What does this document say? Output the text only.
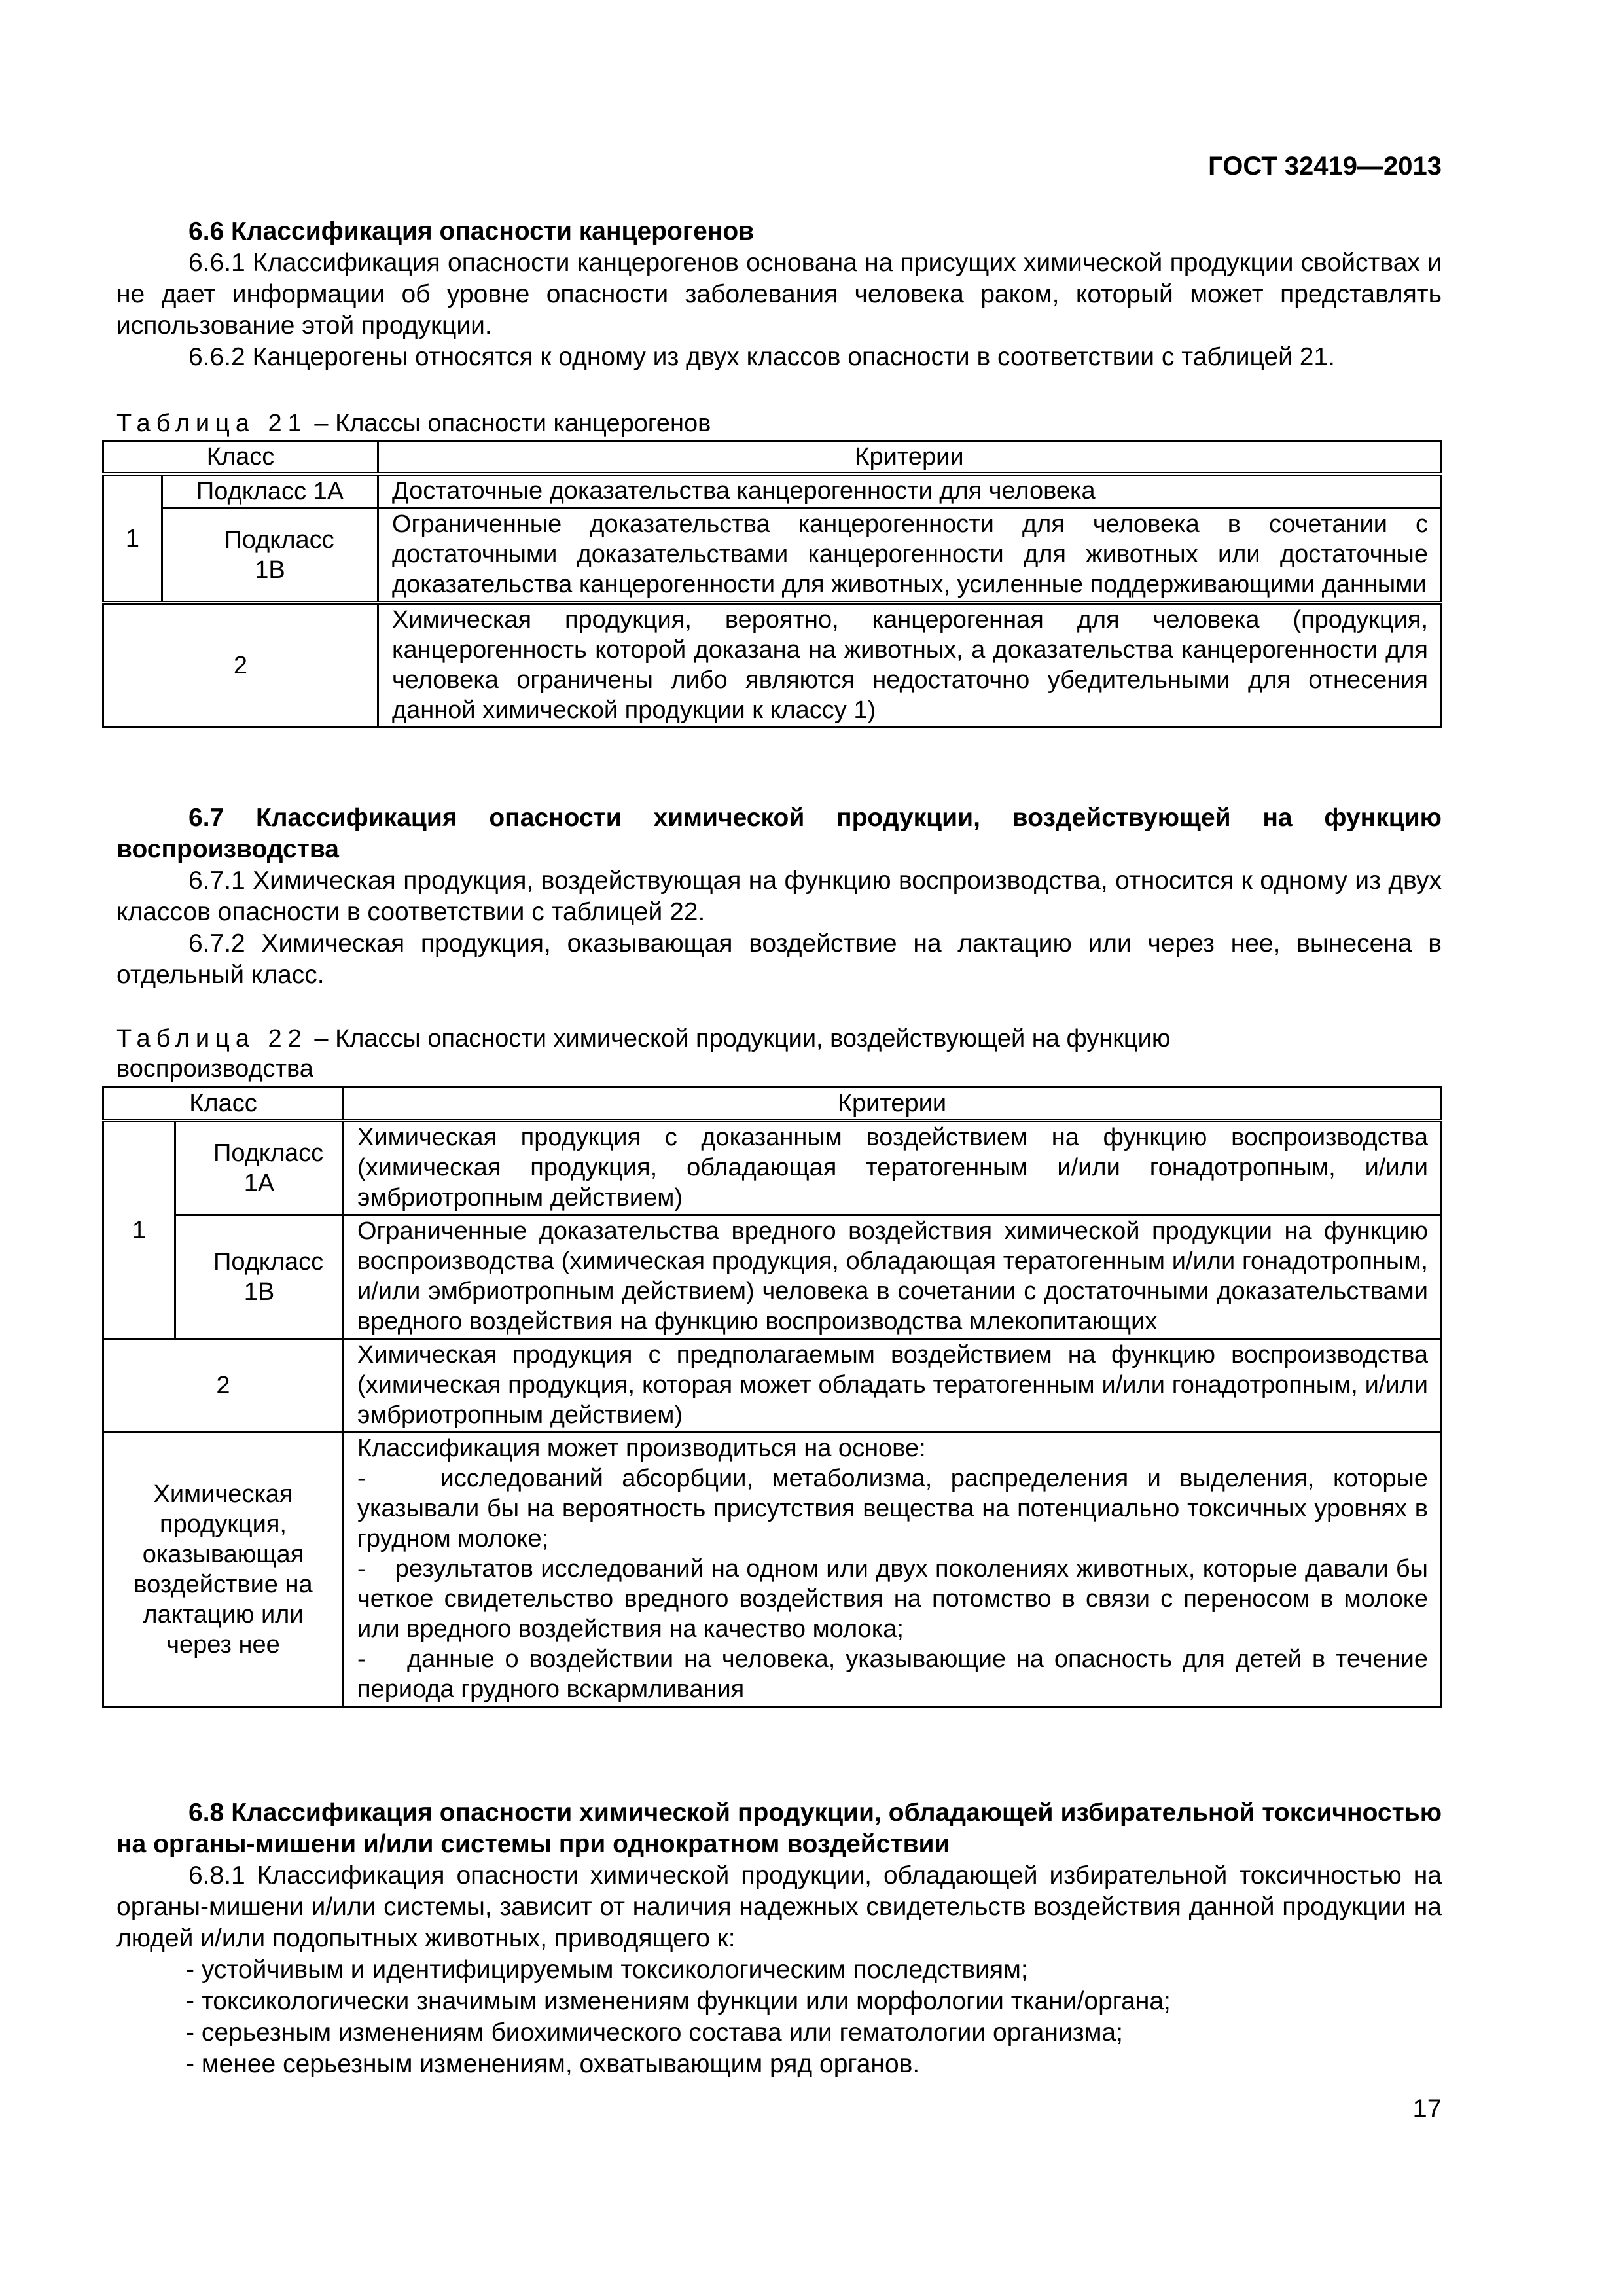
ГОСТ 32419—2013

6.6 Классификация опасности канцерогенов

6.6.1 Классификация опасности канцерогенов основана на присущих химической продукции свойствах и не дает информации об уровне опасности заболевания человека раком, который может представлять использование этой продукции.

6.6.2 Канцерогены относятся к одному из двух классов опасности в соответствии с таблицей 21.

Таблица 21 – Классы опасности канцерогенов
Класс		Критерии
1	Подкласс 1А	Достаточные доказательства канцерогенности для человека

	Подкласс 1В	Ограниченные доказательства канцерогенности для человека в сочетании с достаточными доказательствами канцерогенности для животных или достаточные доказательства канцерогенности для животных, усиленные поддерживающими данными
2		Химическая продукция, вероятно, канцерогенная для человека (продукция, канцерогенность которой доказана на животных, а доказательства канцерогенности для человека ограничены либо являются недостаточно убедительными для отнесения данной химической продукции к классу 1)

6.7 Классификация опасности химической продукции, воздействующей на функцию воспроизводства

6.7.1 Химическая продукция, воздействующая на функцию воспроизводства, относится к одному из двух классов опасности в соответствии с таблицей 22.

6.7.2 Химическая продукция, оказывающая воздействие на лактацию или через нее, вынесена в отдельный класс.

Таблица 22 – Классы опасности химической продукции, воздействующей на функцию воспроизводства
Класс		Критерии
1	Подкласс 1А	Химическая продукция с доказанным воздействием на функцию воспроизводства (химическая продукция, обладающая тератогенным и/или гонадотропным, и/или эмбриотропным действием)

	Подкласс 1В	Ограниченные доказательства вредного воздействия химической продукции на функцию воспроизводства (химическая продукция, обладающая тератогенным и/или гонадотропным, и/или эмбриотропным действием) человека в сочетании с достаточными доказательствами вредного воздействия на функцию воспроизводства млекопитающих
2		Химическая продукция с предполагаемым воздействием на функцию воспроизводства (химическая продукция, которая может обладать тератогенным и/или гонадотропным, и/или эмбриотропным действием)

Химическая продукция, оказывающая воздействие на лактацию или через нее		Классификация может производиться на основе:
-    исследований абсорбции, метаболизма, распределения и выделения, которые указывали бы на вероятность присутствия вещества на потенциально токсичных уровнях в грудном молоке;
-    результатов исследований на одном или двух поколениях животных, которые давали бы четкое свидетельство вредного воздействия на потомство в связи с переносом в молоке или вредного воздействия на качество молока;
-    данные о воздействии на человека, указывающие на опасность для детей в течение периода грудного вскармливания

6.8 Классификация опасности химической продукции, обладающей избирательной токсичностью на органы-мишени и/или системы при однократном воздействии

6.8.1 Классификация опасности химической продукции, обладающей избирательной токсичностью на органы-мишени и/или системы, зависит от наличия надежных свидетельств воздействия данной продукции на людей и/или подопытных животных, приводящего к:

- устойчивым и идентифицируемым токсикологическим последствиям;
- токсикологически значимым изменениям функции или морфологии ткани/органа;
- серьезным изменениям биохимического состава или гематологии организма;
- менее серьезным изменениям, охватывающим ряд органов.
17
